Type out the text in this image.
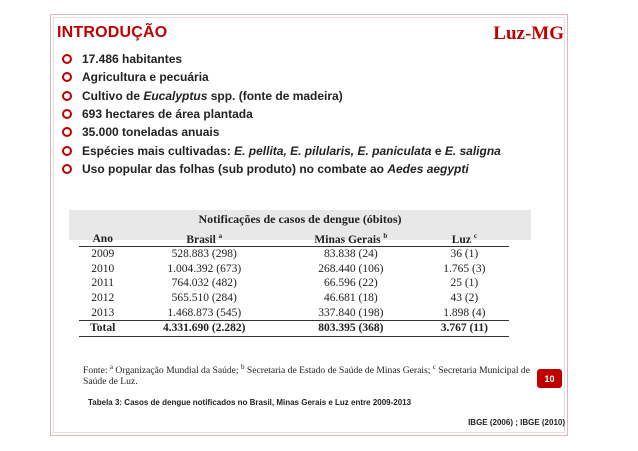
INTRODUÇÃO	Luz-MG
17.486 habitantes
Agricultura e pecuária
Cultivo de Eucalyptus spp. (fonte de madeira)
693 hectares de área plantada
35.000 toneladas anuais
Espécies mais cultivadas: E. pellita, E. pilularis, E. paniculata e E. saligna
Uso popular das folhas (sub produto) no combate ao Aedes aegypti
Notificações de casos de dengue (óbitos)
Ano	Brasil $^a$	Minas Gerais $^b$	Luz $^c$
2009	528.883 (298)	83.838 (24)	36 (1)
2010	1.004.392 (673)	268.440 (106)	1.765 (3)
2011	764.032 (482)	66.596 (22)	25 (1)
2012	565.510 (284)	46.681 (18)	43 (2)
2013	1.468.873 (545)	337.840 (198)	1.898 (4)
Total	4.331.690 (2.282)	803.395 (368)	3.767 (11)
Fonte: $^a$ Organização Mundial da Saúde; $^b$ Secretaria de Estado de Saúde de Minas Gerais; $^c$ Secretaria Municipal de Saúde de Luz.	10
Tabela 3: Casos de dengue notificados no Brasil, Minas Gerais e Luz entre 2009-2013
IBGE (2006) ; IBGE (2010)
